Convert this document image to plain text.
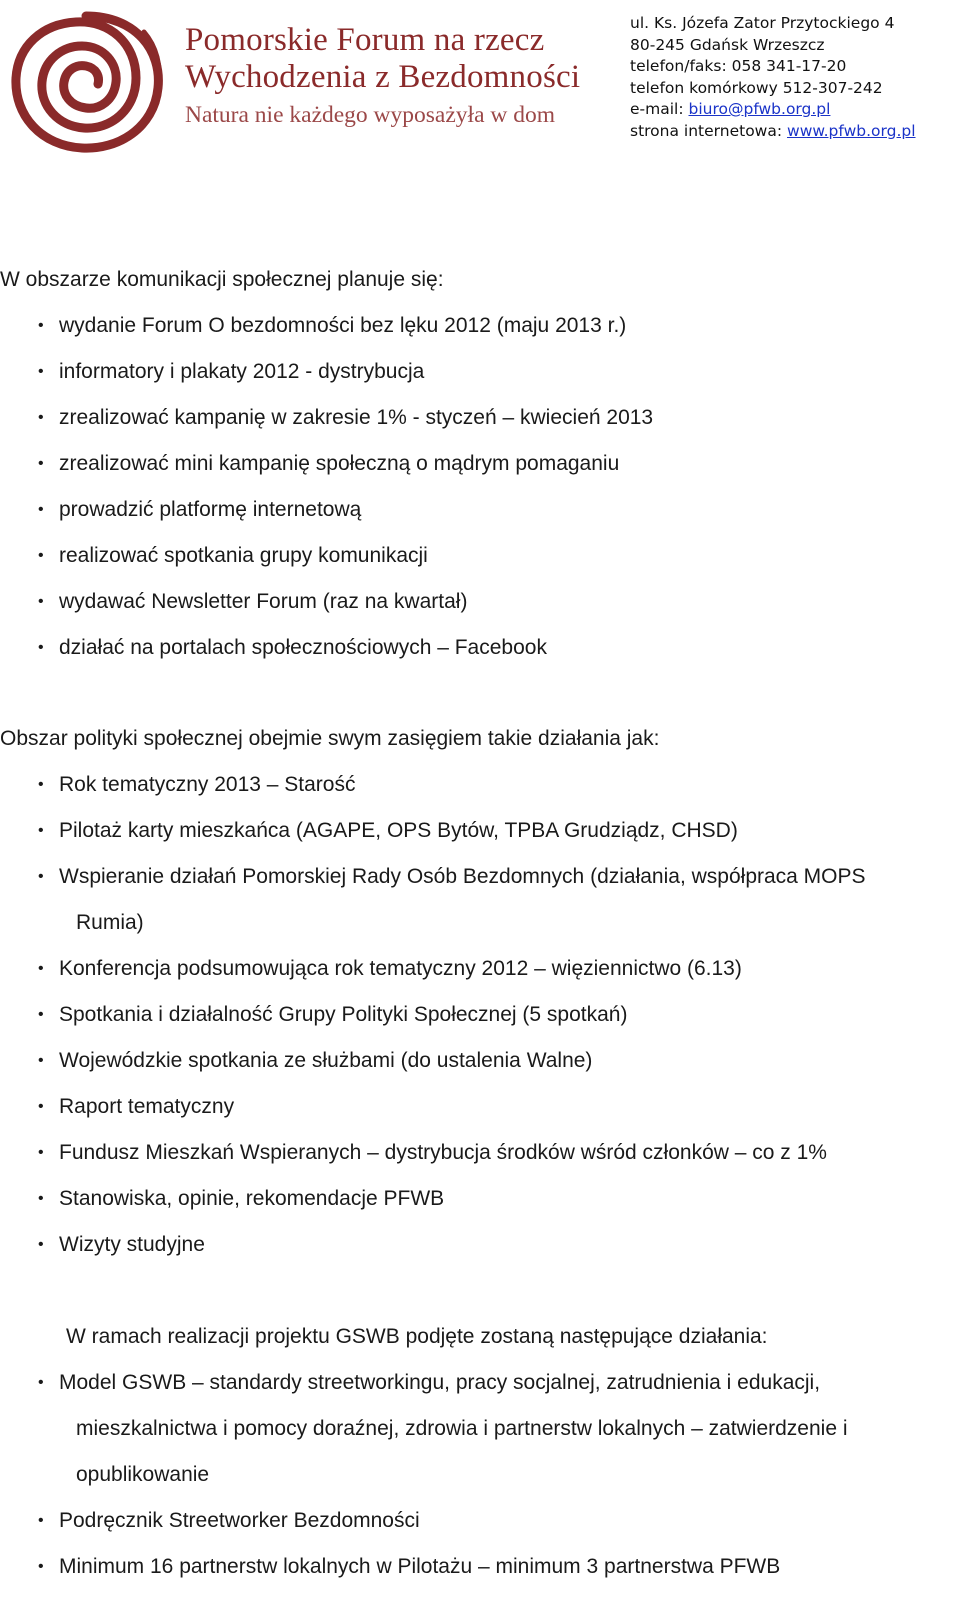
Pomorskie Forum na rzecz
Wychodzenia z Bezdomności
Natura nie każdego wyposażyła w dom
ul. Ks. Józefa Zator Przytockiego 4
80-245 Gdańsk Wrzeszcz
telefon/faks: 058 341-17-20
telefon komórkowy 512-307-242
e-mail: biuro@pfwb.org.pl
strona internetowa: www.pfwb.org.pl
W obszarze komunikacji społecznej planuje się:
• wydanie Forum O bezdomności bez lęku 2012 (maju 2013 r.)
• informatory i plakaty 2012 - dystrybucja
• zrealizować kampanię w zakresie 1% - styczeń – kwiecień 2013
• zrealizować mini kampanię społeczną o mądrym pomaganiu
• prowadzić platformę internetową
• realizować spotkania grupy komunikacji
• wydawać Newsletter Forum (raz na kwartał)
• działać na portalach społecznościowych – Facebook
Obszar polityki społecznej obejmie swym zasięgiem takie działania jak:
• Rok tematyczny 2013 – Starość
• Pilotaż karty mieszkańca (AGAPE, OPS Bytów, TPBA Grudziądz, CHSD)
• Wspieranie działań Pomorskiej Rady Osób Bezdomnych (działania, współpraca MOPS
Rumia)
• Konferencja podsumowująca rok tematyczny 2012 – więziennictwo (6.13)
• Spotkania i działalność Grupy Polityki Społecznej (5 spotkań)
• Wojewódzkie spotkania ze służbami (do ustalenia Walne)
• Raport tematyczny
• Fundusz Mieszkań Wspieranych – dystrybucja środków wśród członków – co z 1%
• Stanowiska, opinie, rekomendacje PFWB
• Wizyty studyjne
W ramach realizacji projektu GSWB podjęte zostaną następujące działania:
• Model GSWB – standardy streetworkingu, pracy socjalnej, zatrudnienia i edukacji,
mieszkalnictwa i pomocy doraźnej, zdrowia i partnerstw lokalnych – zatwierdzenie i
opublikowanie
• Podręcznik Streetworker Bezdomności
• Minimum 16 partnerstw lokalnych w Pilotażu – minimum 3 partnerstwa PFWB
